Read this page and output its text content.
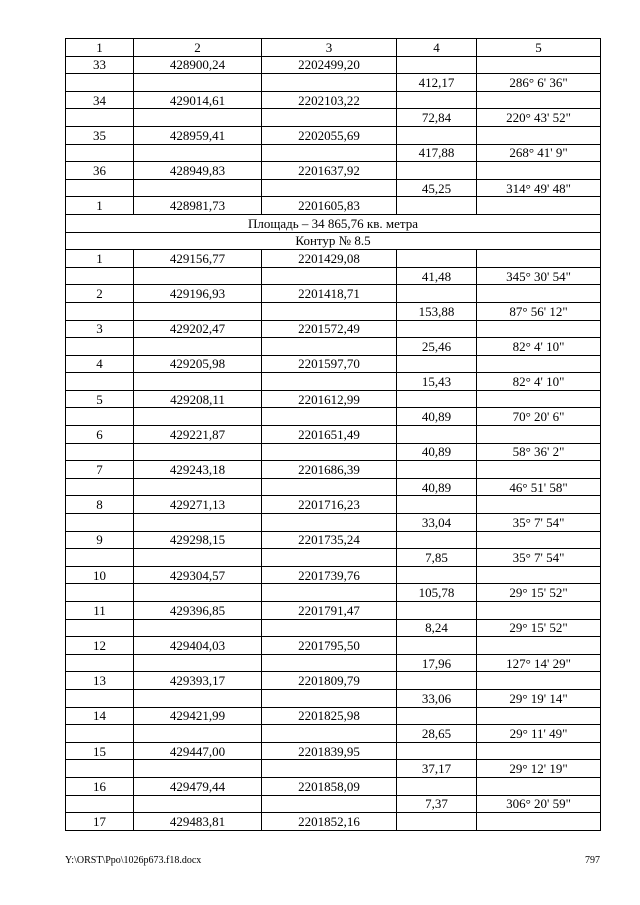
1	2	3	4	5
33	428900,24	2202499,20		
			412,17	286° 6' 36"
34	429014,61	2202103,22		
			72,84	220° 43' 52"
35	428959,41	2202055,69		
			417,88	268° 41' 9"
36	428949,83	2201637,92		
			45,25	314° 49' 48"
1	428981,73	2201605,83		
Площадь – 34 865,76 кв. метра				
Контур № 8.5				
1	429156,77	2201429,08		
			41,48	345° 30' 54"
2	429196,93	2201418,71		
			153,88	87° 56' 12"
3	429202,47	2201572,49		
			25,46	82° 4' 10"
4	429205,98	2201597,70		
			15,43	82° 4' 10"
5	429208,11	2201612,99		
			40,89	70° 20' 6"
6	429221,87	2201651,49		
			40,89	58° 36' 2"
7	429243,18	2201686,39		
			40,89	46° 51' 58"
8	429271,13	2201716,23		
			33,04	35° 7' 54"
9	429298,15	2201735,24		
			7,85	35° 7' 54"
10	429304,57	2201739,76		
			105,78	29° 15' 52"
11	429396,85	2201791,47		
			8,24	29° 15' 52"
12	429404,03	2201795,50		
			17,96	127° 14' 29"
13	429393,17	2201809,79		
			33,06	29° 19' 14"
14	429421,99	2201825,98		
			28,65	29° 11' 49"
15	429447,00	2201839,95		
			37,17	29° 12' 19"
16	429479,44	2201858,09		
			7,37	306° 20' 59"
17	429483,81	2201852,16		
Y:\ORST\Ppo\1026p673.f18.docx	797
